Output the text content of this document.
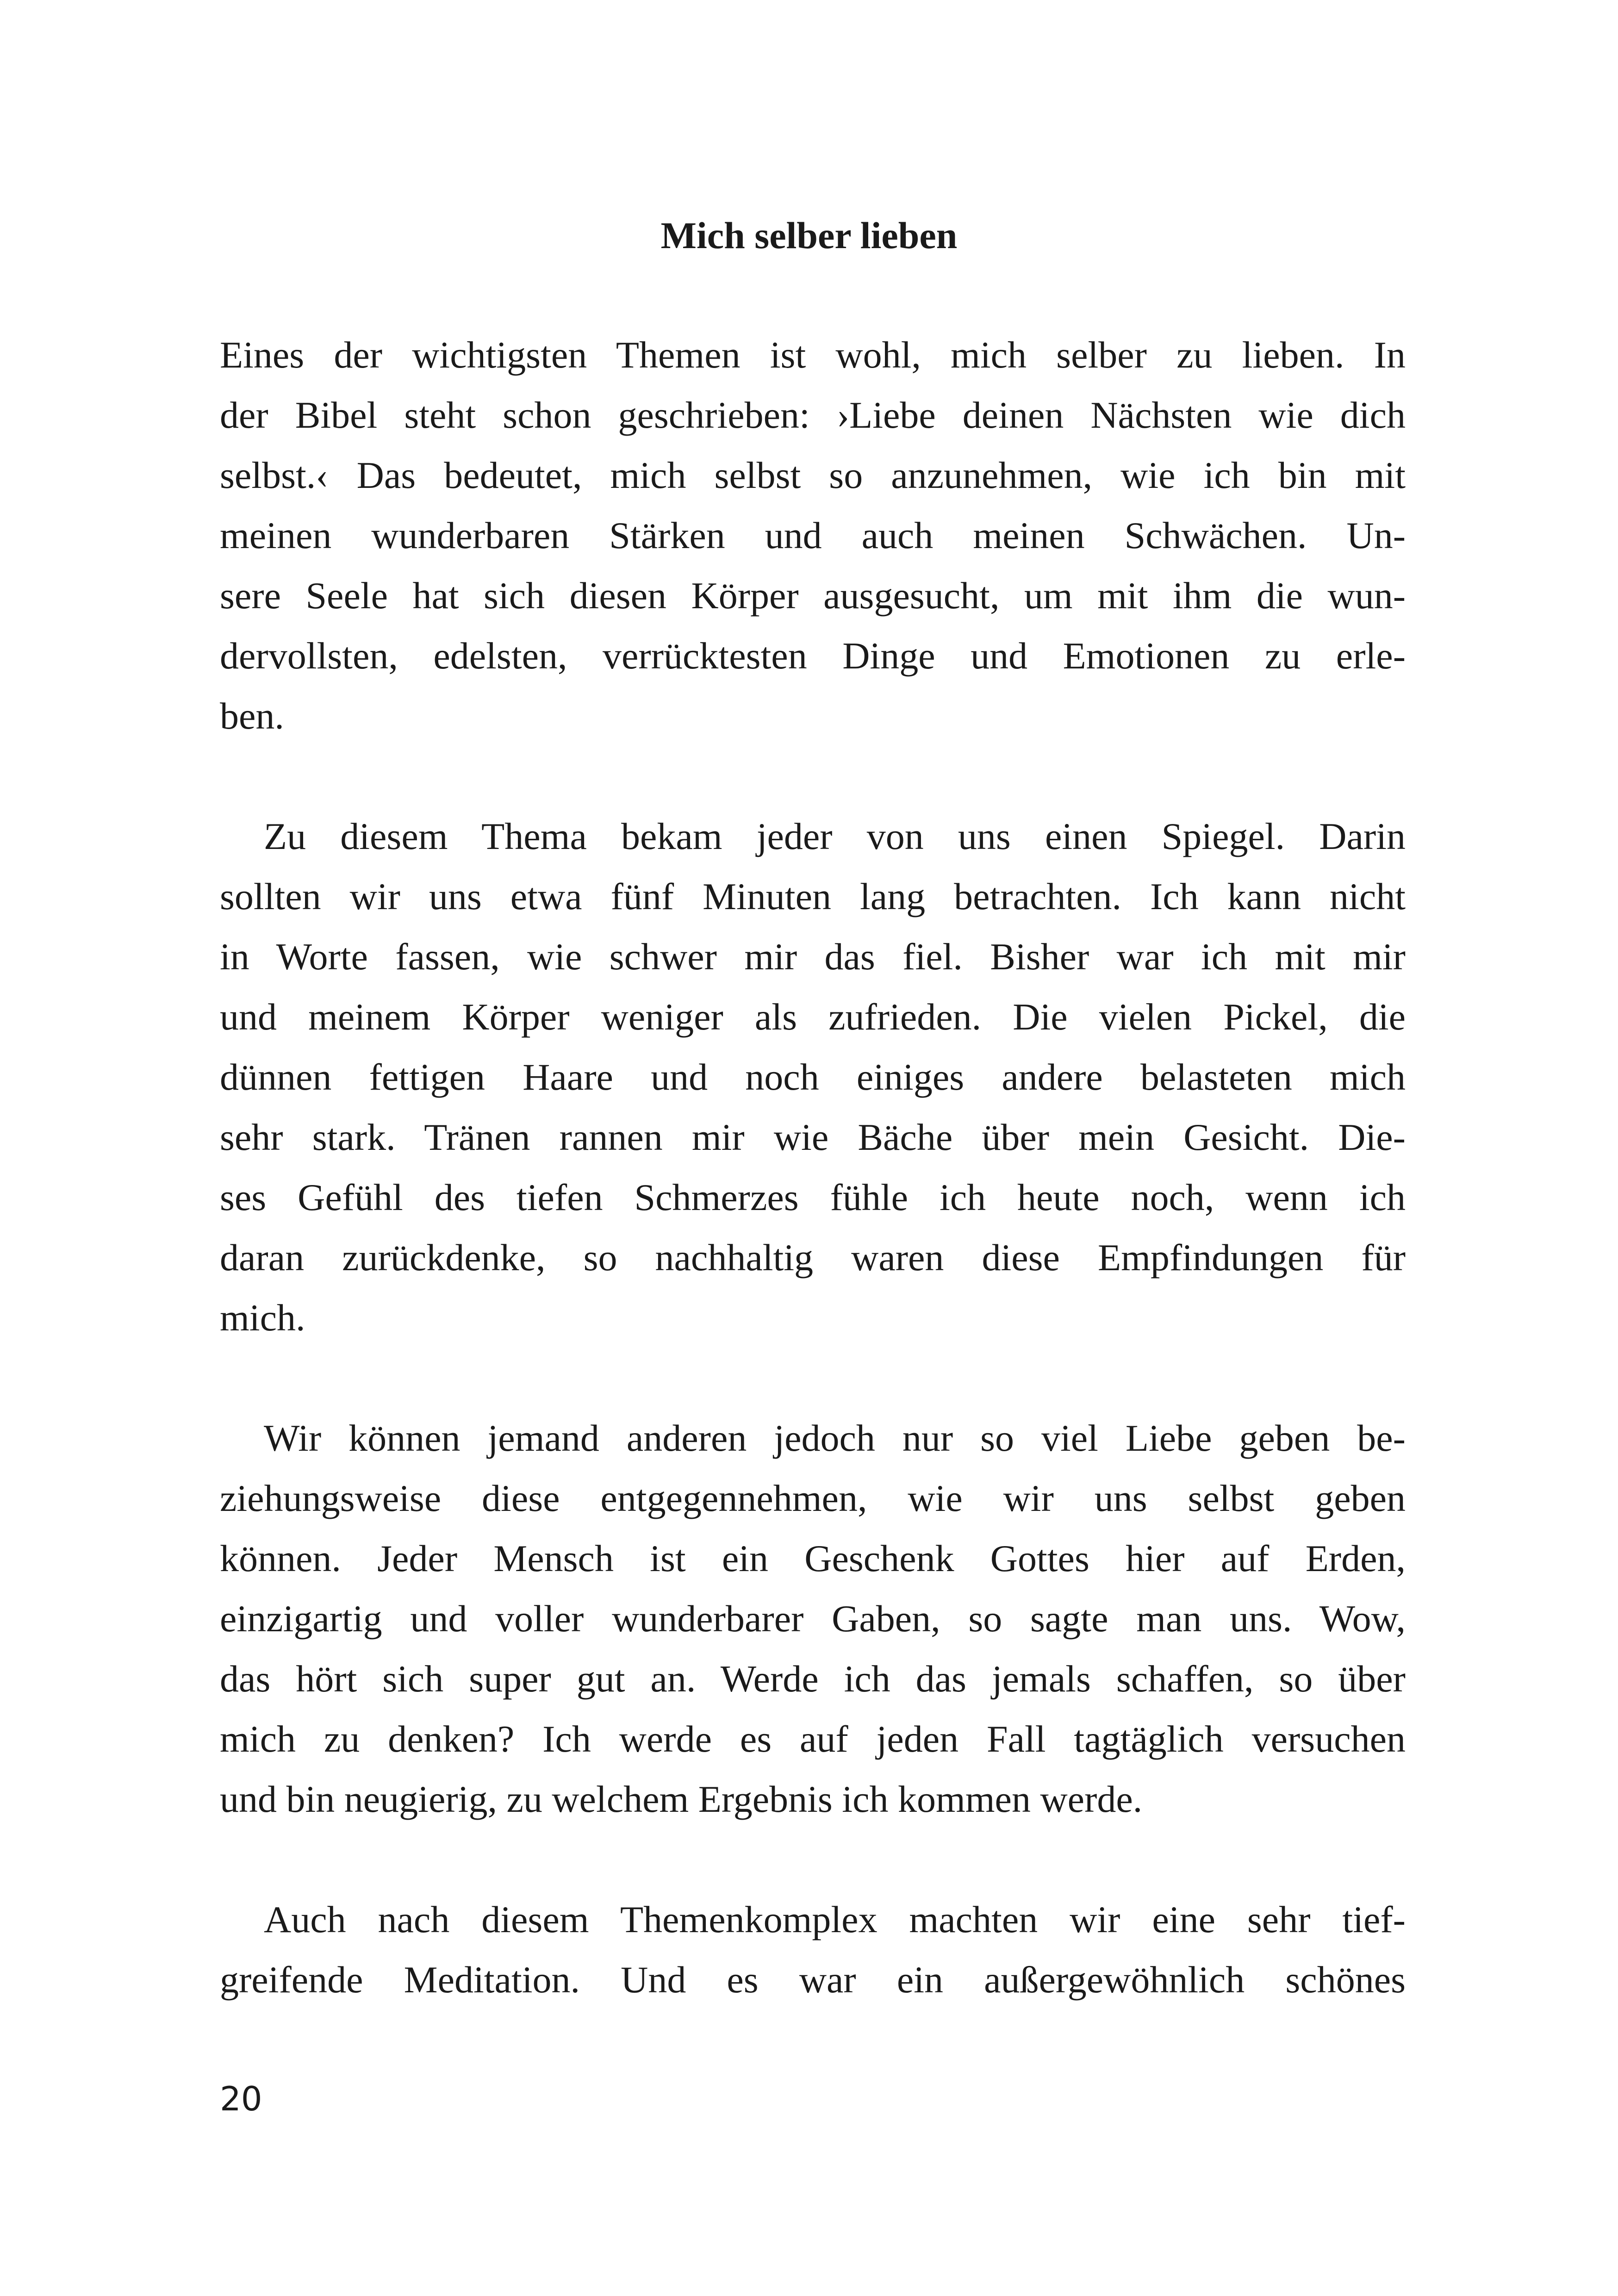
Mich selber lieben

Eines der wichtigsten Themen ist wohl, mich selber zu lieben. In

der Bibel steht schon geschrieben: ›Liebe deinen Nächsten wie dich

selbst.‹ Das bedeutet, mich selbst so anzunehmen, wie ich bin mit

meinen wunderbaren Stärken und auch meinen Schwächen. Un-

sere Seele hat sich diesen Körper ausgesucht, um mit ihm die wun-

dervollsten, edelsten, verrücktesten Dinge und Emotionen zu erle-

ben.

Zu diesem Thema bekam jeder von uns einen Spiegel. Darin

sollten wir uns etwa fünf Minuten lang betrachten. Ich kann nicht

in Worte fassen, wie schwer mir das fiel. Bisher war ich mit mir

und meinem Körper weniger als zufrieden. Die vielen Pickel, die

dünnen fettigen Haare und noch einiges andere belasteten mich

sehr stark. Tränen rannen mir wie Bäche über mein Gesicht. Die-

ses Gefühl des tiefen Schmerzes fühle ich heute noch, wenn ich

daran zurückdenke, so nachhaltig waren diese Empfindungen für

mich.

Wir können jemand anderen jedoch nur so viel Liebe geben be-

ziehungsweise diese entgegennehmen, wie wir uns selbst geben

können. Jeder Mensch ist ein Geschenk Gottes hier auf Erden,

einzigartig und voller wunderbarer Gaben, so sagte man uns. Wow,

das hört sich super gut an. Werde ich das jemals schaffen, so über

mich zu denken? Ich werde es auf jeden Fall tagtäglich versuchen

und bin neugierig, zu welchem Ergebnis ich kommen werde.

Auch nach diesem Themenkomplex machten wir eine sehr tief-

greifende Meditation. Und es war ein außergewöhnlich schönes

20
